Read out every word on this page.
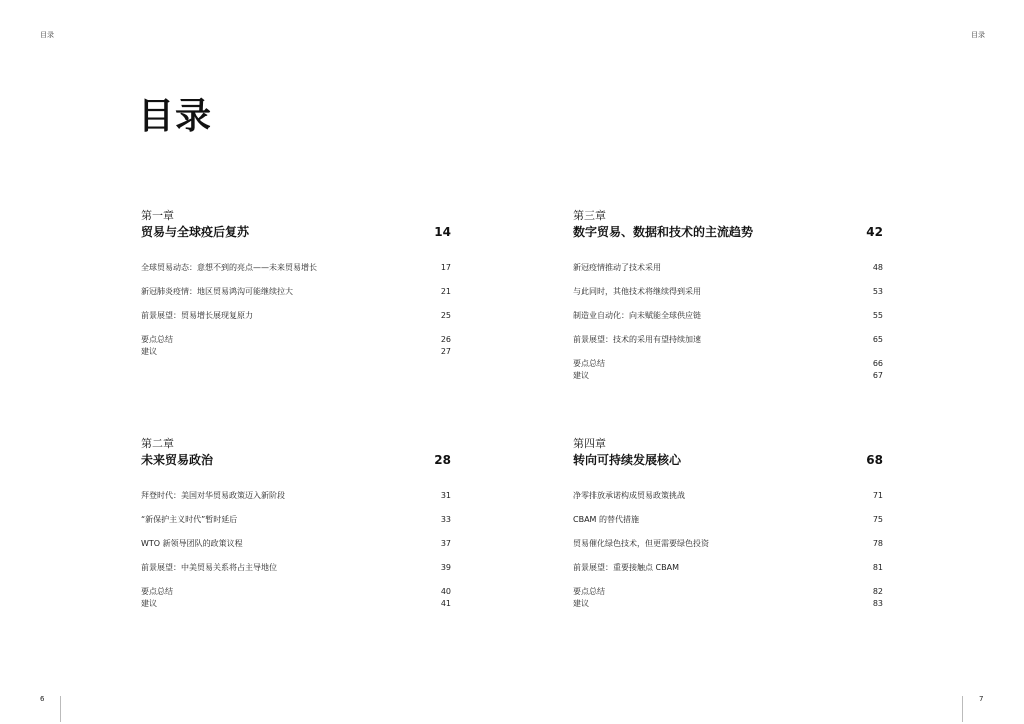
目录	目录
目录
第一章
贸易与全球疫后复苏	14
全球贸易动态：意想不到的亮点——未来贸易增长	17
新冠肺炎疫情：地区贸易鸿沟可能继续拉大	21
前景展望：贸易增长展现复原力	25
要点总结	26
建议	27
第三章
数字贸易、数据和技术的主流趋势	42
新冠疫情推动了技术采用	48
与此同时，其他技术将继续得到采用	53
制造业自动化：向未赋能全球供应链	55
前景展望：技术的采用有望持续加速	65
要点总结	66
建议	67
第二章
未来贸易政治	28
拜登时代：美国对华贸易政策迈入新阶段	31
“新保护主义时代”暂时延后	33
WTO 新领导团队的政策议程	37
前景展望：中美贸易关系将占主导地位	39
要点总结	40
建议	41
第四章
转向可持续发展核心	68
净零排放承诺构成贸易政策挑战	71
CBAM 的替代措施	75
贸易催化绿色技术，但更需要绿色投资	78
前景展望：重要接触点 CBAM	81
要点总结	82
建议	83
6	7
